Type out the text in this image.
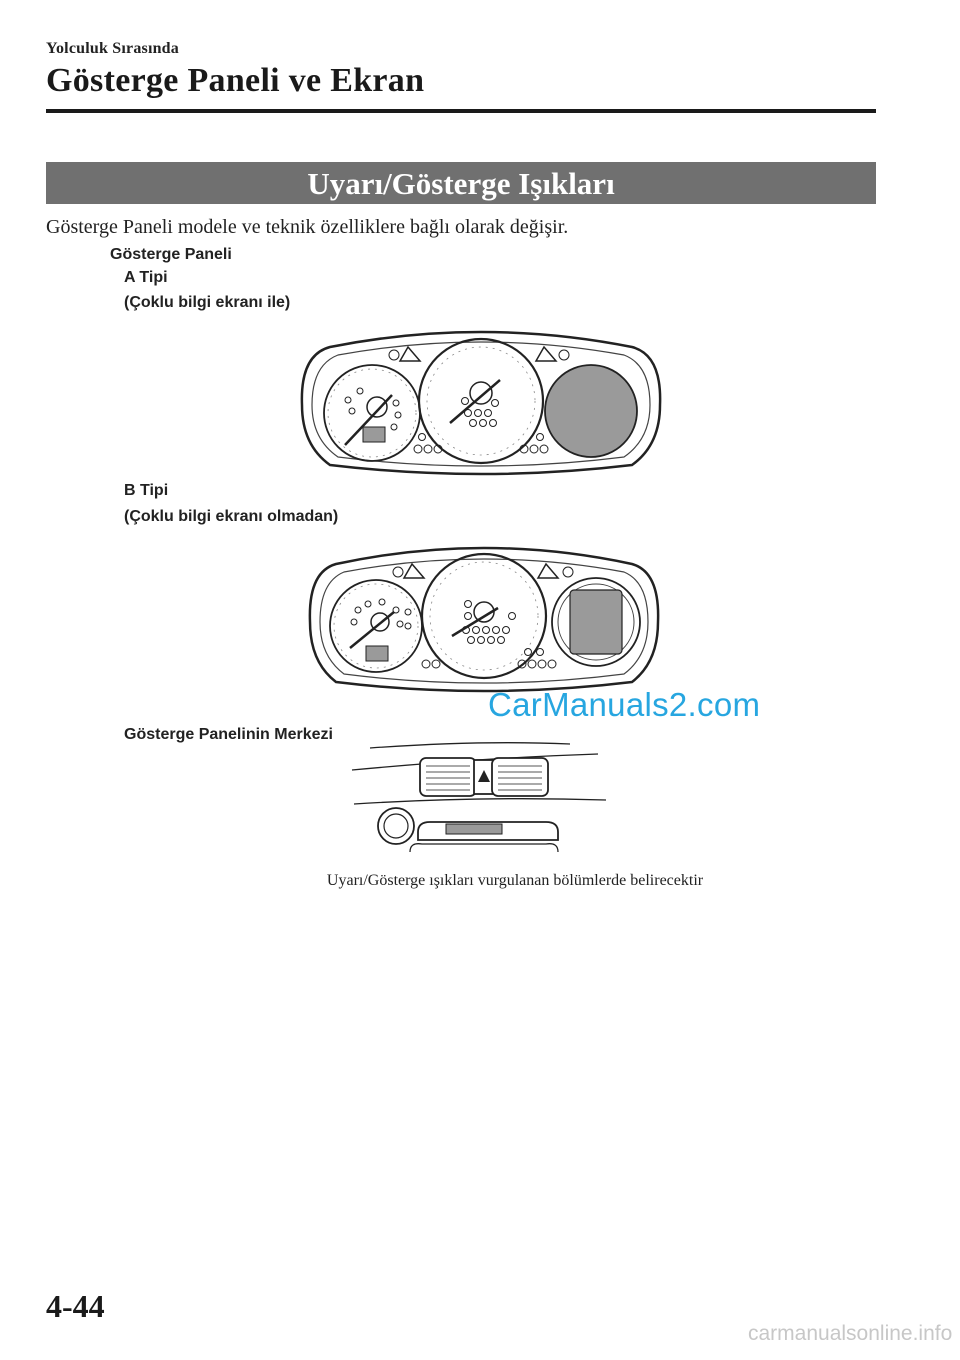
Yolculuk Sırasında
Gösterge Paneli ve Ekran
Uyarı/Gösterge Işıkları
Gösterge Paneli modele ve teknik özelliklere bağlı olarak değişir.
Gösterge Paneli
A Tipi
(Çoklu bilgi ekranı ile)
B Tipi
(Çoklu bilgi ekranı olmadan)
CarManuals2.com
Gösterge Panelinin Merkezi
Uyarı/Gösterge ışıkları vurgulanan bölümlerde belirecektir
4-44
carmanualsonline.info
